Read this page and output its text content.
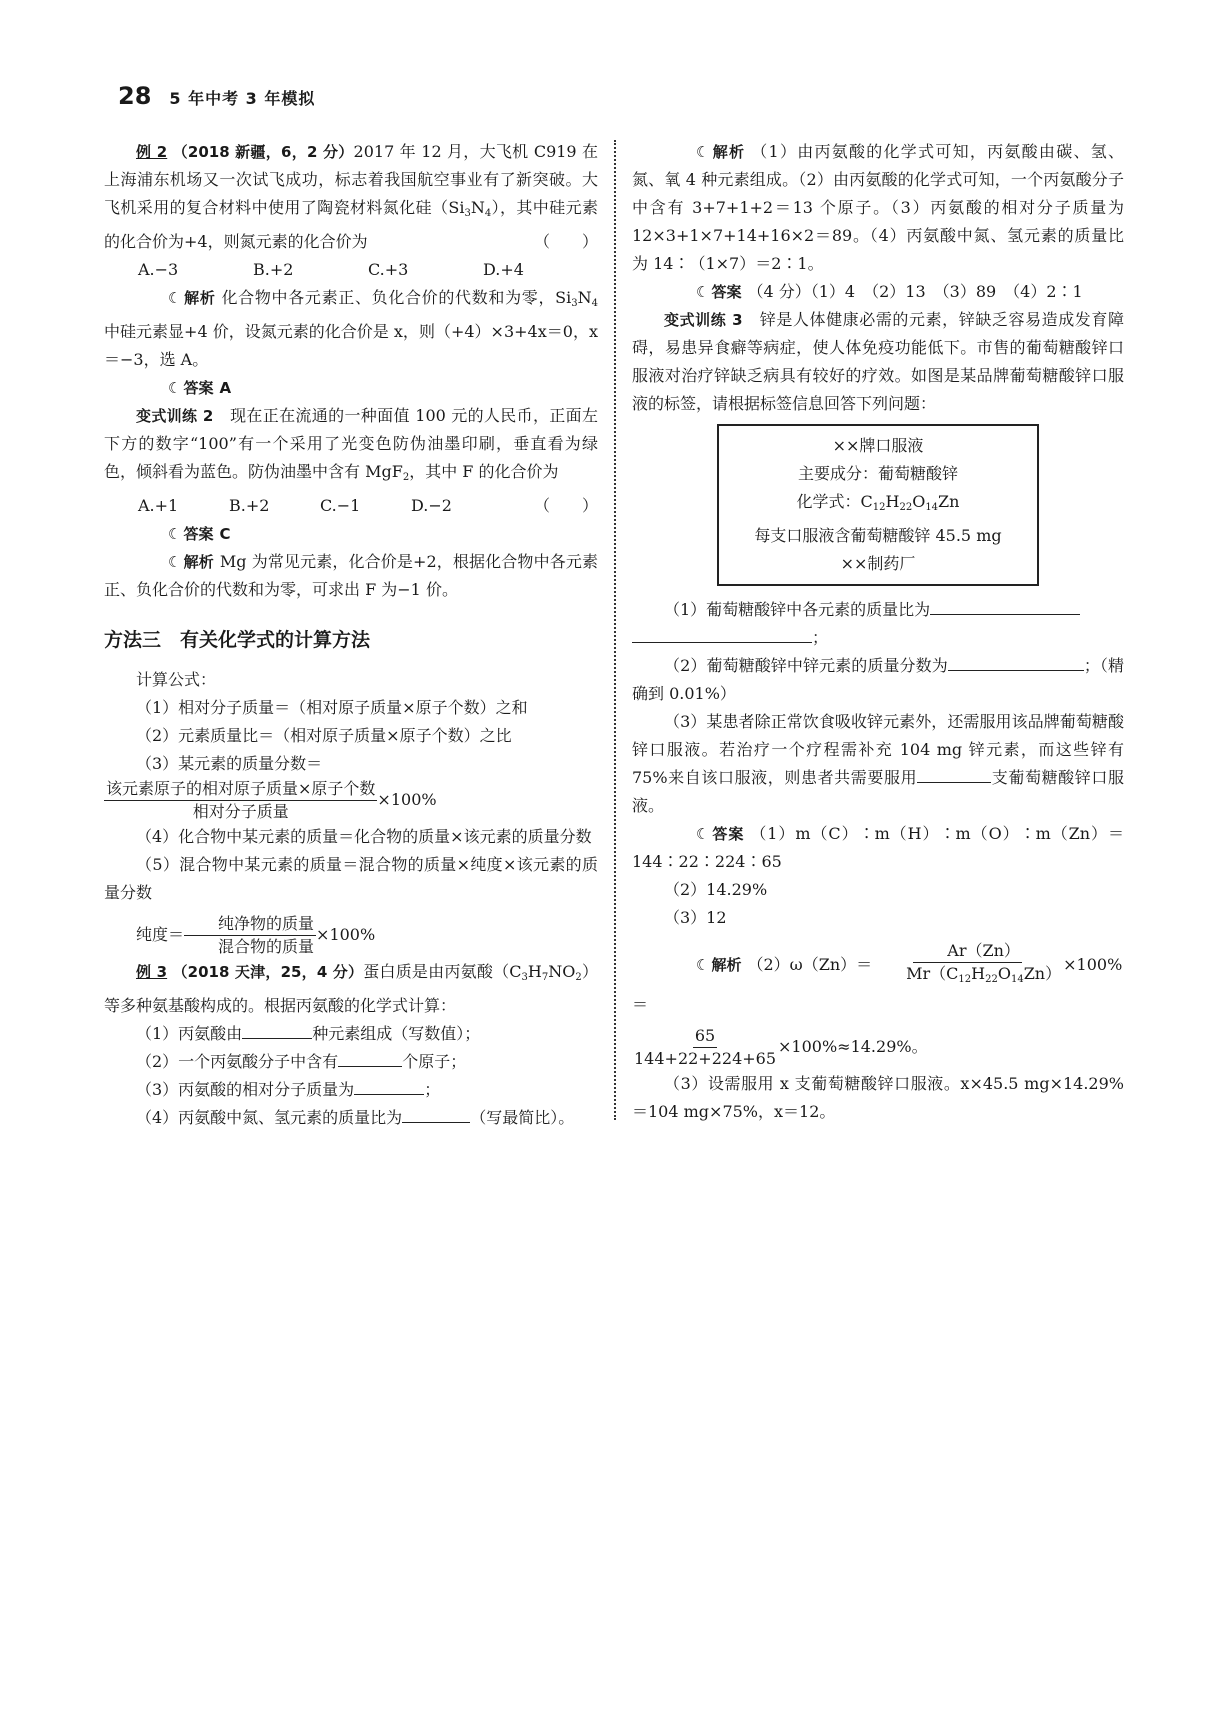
28 5 年中考 3 年模拟

例 2 （2018 新疆，6，2 分）2017 年 12 月，大飞机 C919 在上海浦东机场又一次试飞成功，标志着我国航空事业有了新突破。大飞机采用的复合材料中使用了陶瓷材料氮化硅$(Si_3N_4)$，其中硅元素的化合价为+4，则氮元素的化合价为	（　　）

A.−3	B.+2	C.+3	D.+4

☾ 解析 化合物中各元素正、负化合价的代数和为零，$Si_3N_4$中硅元素显+4 价，设氮元素的化合价是 x，则（+4）×3+4x＝0，x＝−3，选 A。

☾ 答案 A

变式训练 2　 现在正在流通的一种面值 100 元的人民币，正面左下方的数字“100”有一个采用了光变色防伪油墨印刷，垂直看为绿色，倾斜看为蓝色。防伪油墨中含有 MgF$_2$，其中 F 的化合价为
（　　）

A.+1	B.+2	C.−1	D.−2

☾ 答案 C

☾ 解析 Mg 为常见元素，化合价是+2，根据化合物中各元素正、负化合价的代数和为零，可求出 F 为−1 价。

方法三　有关化学式的计算方法

计算公式：

（1）相对分子质量＝（相对原子质量×原子个数）之和

（2）元素质量比＝（相对原子质量×原子个数）之比

（3）某元素的质量分数＝

$\frac{\text{该元素原子的相对原子质量×原子个数}}{\text{相对分子质量}} \times 100\%$

（4）化合物中某元素的质量＝化合物的质量×该元素的质量分数

（5）混合物中某元素的质量＝混合物的质量×纯度×该元素的质量分数

纯度＝ $\frac{\text{纯净物的质量}}{\text{混合物的质量}} \times 100\%$

例 3 （2018 天津，25，4 分）蛋白质是由丙氨酸$(C_3H_7NO_2)$等多种氨基酸构成的。根据丙氨酸的化学式计算：

（1）丙氨酸由	种元素组成（写数值）；

（2）一个丙氨酸分子中含有	个原子；

（3）丙氨酸的相对分子质量为	；

（4）丙氨酸中氮、氢元素的质量比为	（写最简比）。

☾ 解析 （1）由丙氨酸的化学式可知，丙氨酸由碳、氢、氮、氧 4 种元素组成。（2）由丙氨酸的化学式可知，一个丙氨酸分子中含有 3+7+1+2＝13 个原子。（3）丙氨酸的相对分子质量为 12×3+1×7+14+16×2＝89。（4）丙氨酸中氮、氢元素的质量比为 14∶（1×7）＝2∶1。

☾ 答案 （4 分）（1）4　（2）13　（3）89　（4）2∶1

变式训练 3　 锌是人体健康必需的元素，锌缺乏容易造成发育障碍，易患异食癖等病症，使人体免疫功能低下。市售的葡萄糖酸锌口服液对治疗锌缺乏病具有较好的疗效。如图是某品牌葡萄糖酸锌口服液的标签，请根据标签信息回答下列问题：

××牌口服液
主要成分：葡萄糖酸锌
化学式：$C_{12}H_{22}O_{14}Zn$
每支口服液含葡萄糖酸锌 45.5 mg
××制药厂

（1）葡萄糖酸锌中各元素的质量比为

；

（2）葡萄糖酸锌中锌元素的质量分数为	；（精确到 0.01%）

（3）某患者除正常饮食吸收锌元素外，还需服用该品牌葡萄糖酸锌口服液。若治疗一个疗程需补充 104 mg 锌元素，而这些锌有 75%来自该口服液，则患者共需要服用	支葡萄糖酸锌口服液。

☾ 答案 （1）m（C）∶m（H）∶m（O）∶m（Zn）＝144∶22∶224∶65

（2）14.29%

（3）12

☾ 解析 $(2)\omega(Zn)= \frac{Ar(Zn)}{Mr(C_{12}H_{22}O_{14}Zn)} \times 100\%=$
$\frac{65}{144+22+224+65} \times 100\%\approx 14.29\%$。

（3）设需服用 x 支葡萄糖酸锌口服液。x×45.5 mg×14.29%＝104 mg×75%，x＝12。
